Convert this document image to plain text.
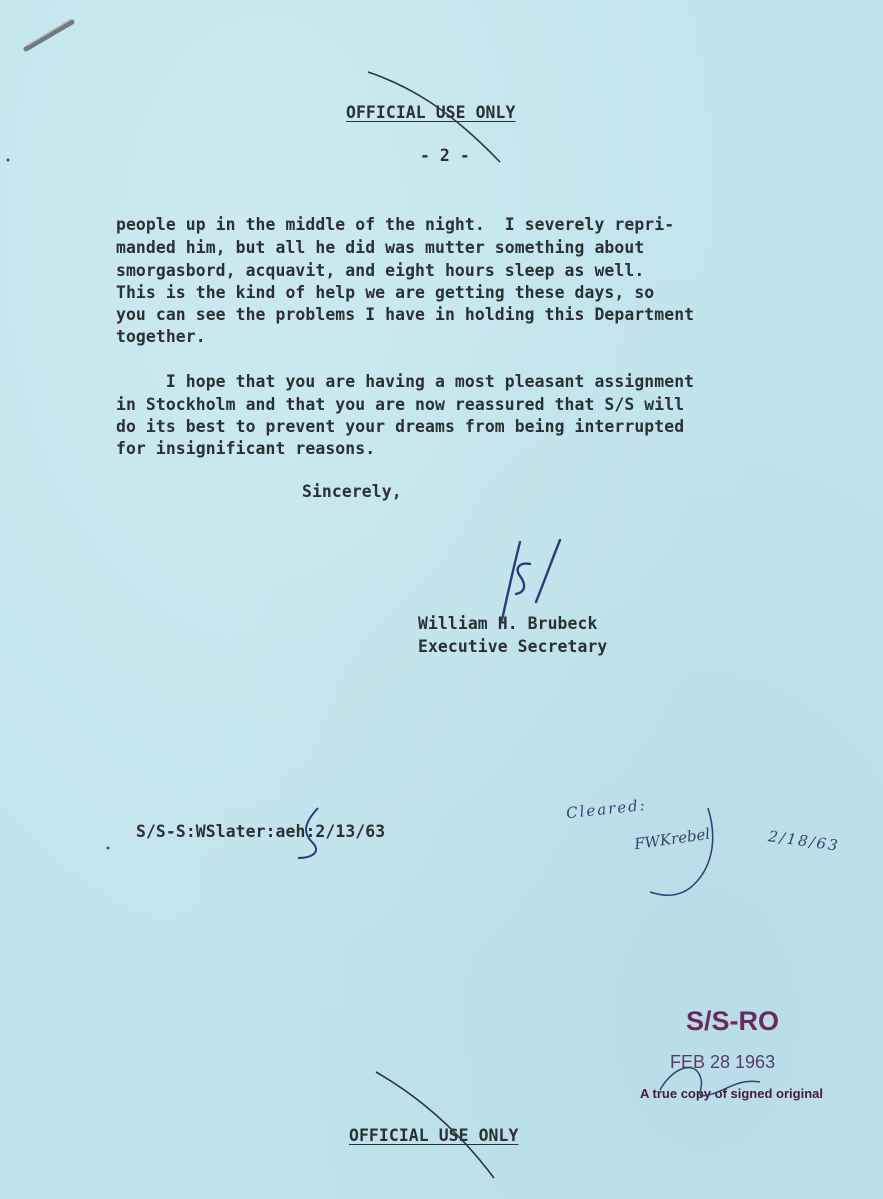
OFFICIAL USE ONLY

- 2 -

people up in the middle of the night.  I severely repri-

manded him, but all he did was mutter something about

smorgasbord, acquavit, and eight hours sleep as well.

This is the kind of help we are getting these days, so

you can see the problems I have in holding this Department

together.

I hope that you are having a most pleasant assignment

in Stockholm and that you are now reassured that S/S will

do its best to prevent your dreams from being interrupted

for insignificant reasons.

Sincerely,

William H. Brubeck

Executive Secretary

S/S-S:WSlater:aeh:2/13/63

Cleared:

FWKrebel	2/18/63

S/S-RO

FEB 28 1963

A true copy of signed original

OFFICIAL USE ONLY
